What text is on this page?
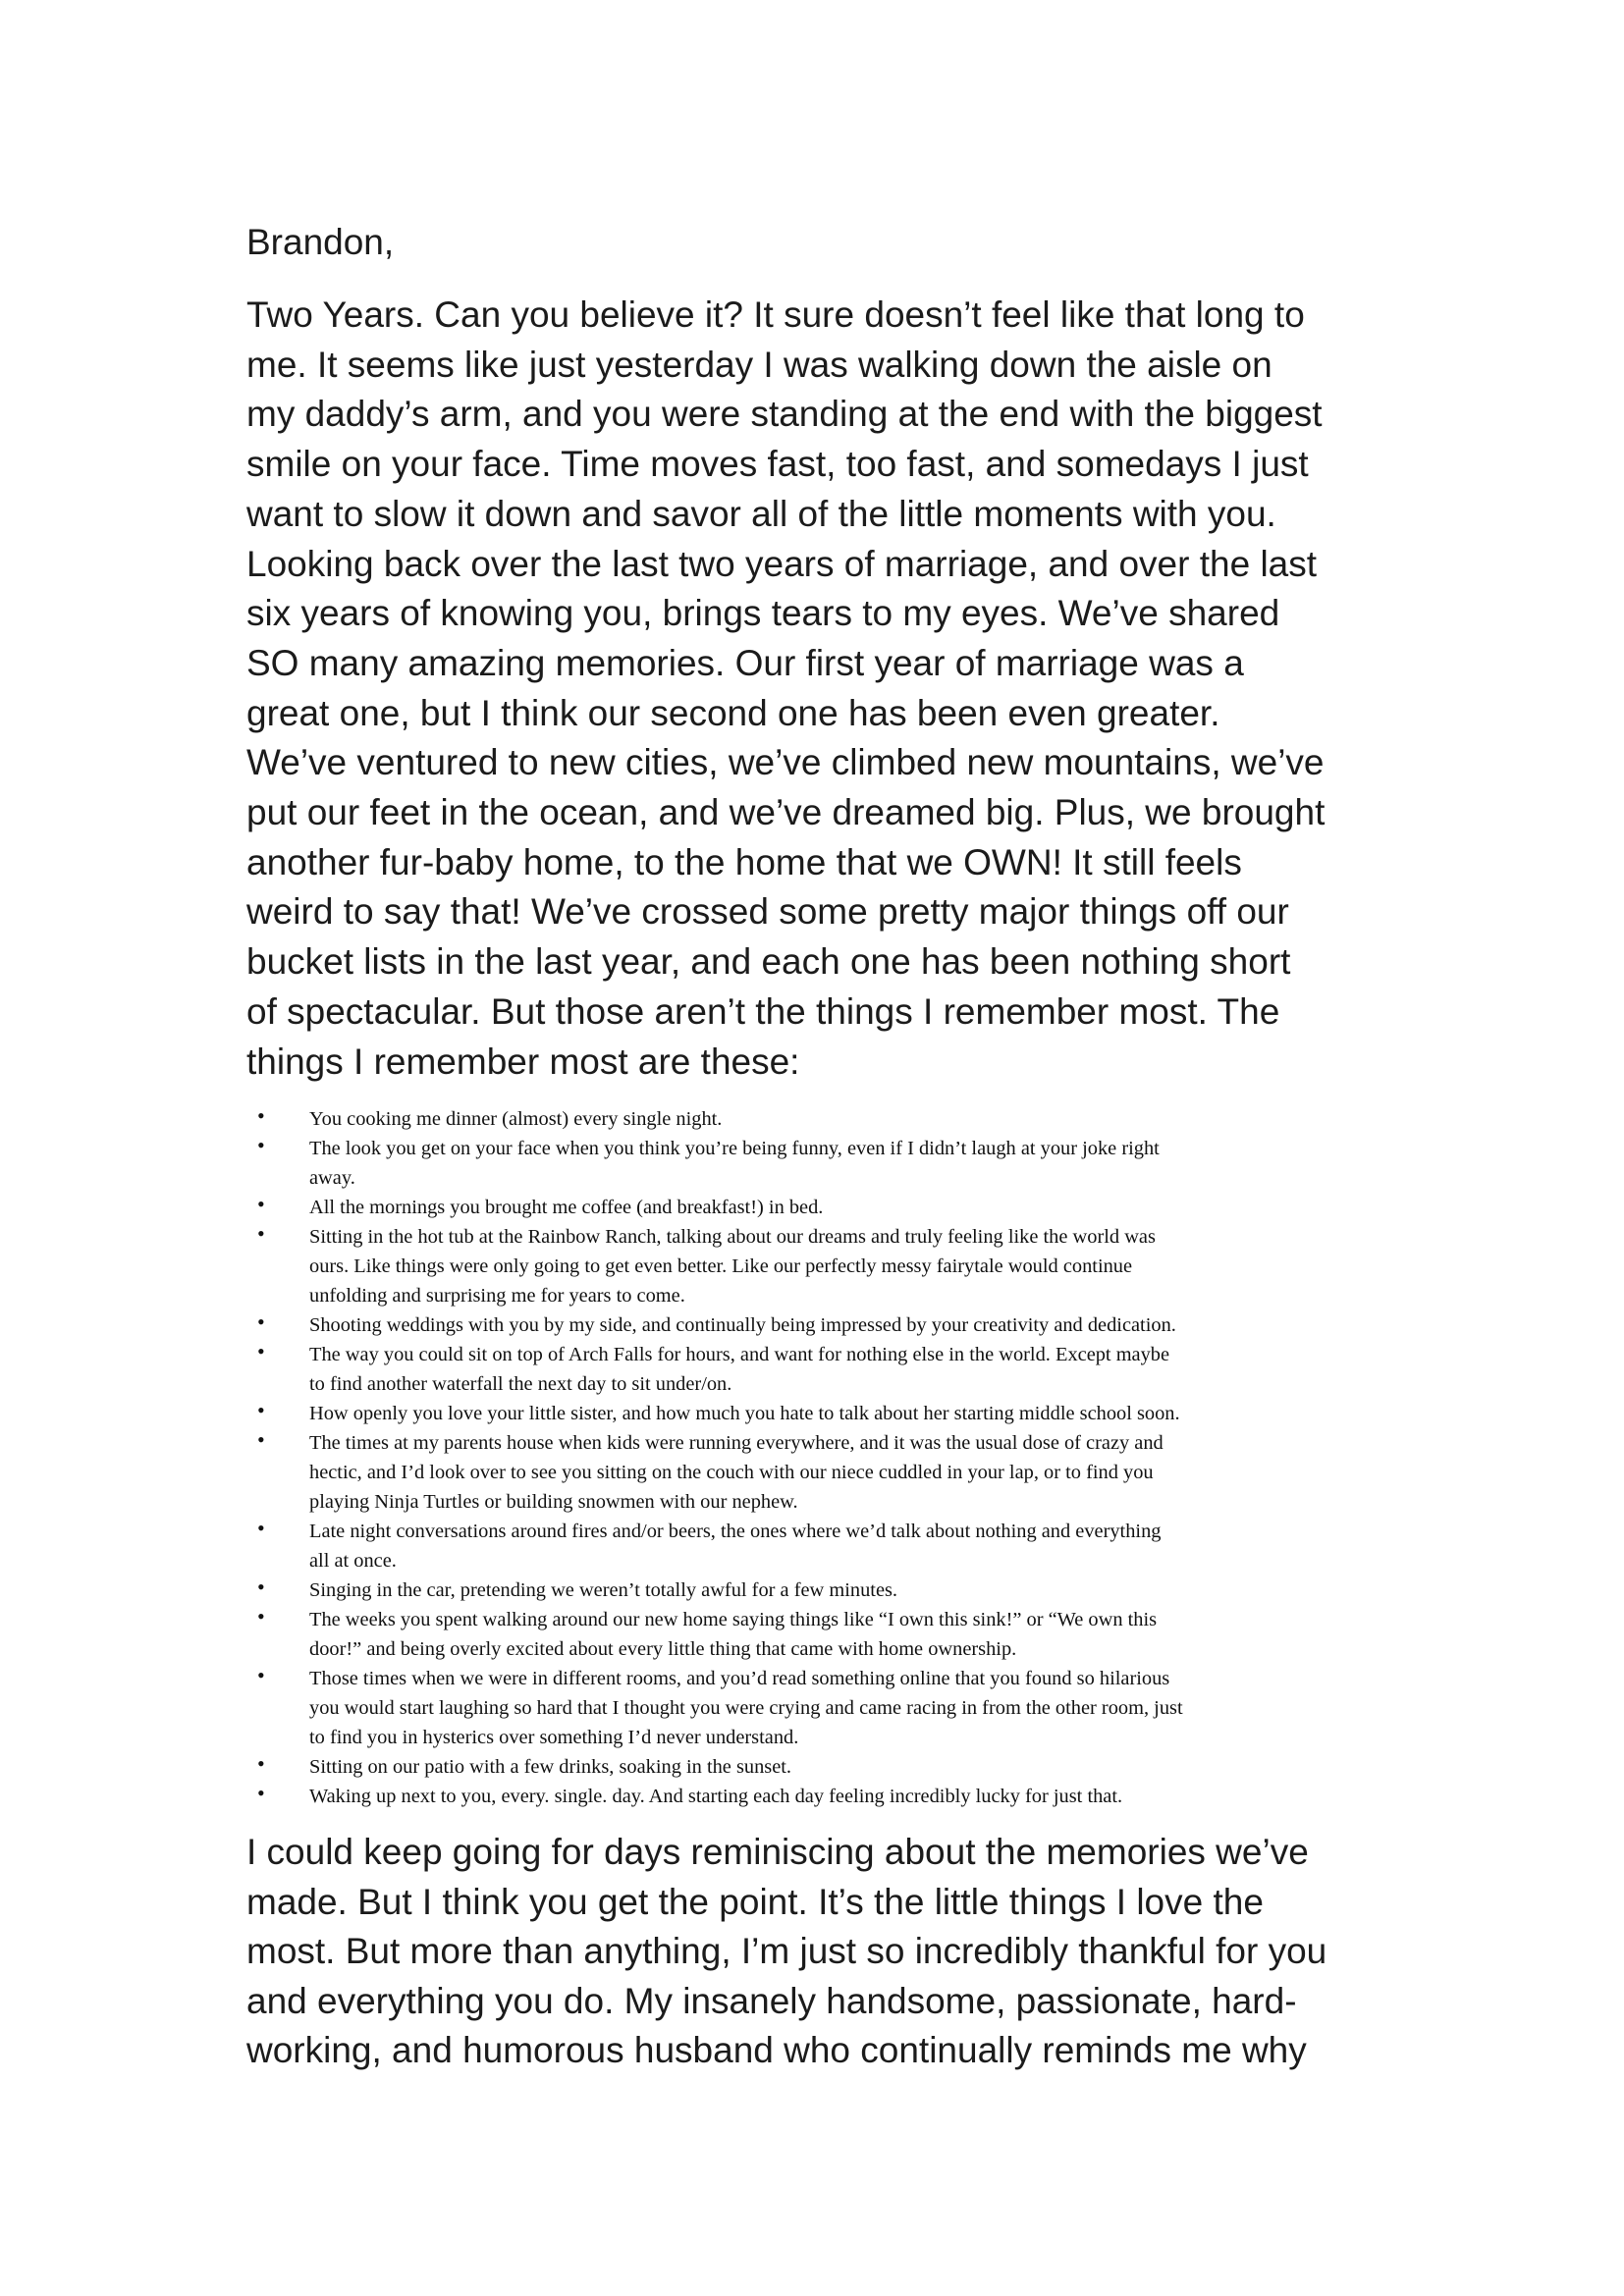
Brandon,

Two Years. Can you believe it? It sure doesn’t feel like that long to
me. It seems like just yesterday I was walking down the aisle on
my daddy’s arm, and you were standing at the end with the biggest
smile on your face. Time moves fast, too fast, and somedays I just
want to slow it down and savor all of the little moments with you.
Looking back over the last two years of marriage, and over the last
six years of knowing you, brings tears to my eyes. We’ve shared
SO many amazing memories. Our first year of marriage was a
great one, but I think our second one has been even greater.
We’ve ventured to new cities, we’ve climbed new mountains, we’ve
put our feet in the ocean, and we’ve dreamed big. Plus, we brought
another fur-baby home, to the home that we OWN! It still feels
weird to say that! We’ve crossed some pretty major things off our
bucket lists in the last year, and each one has been nothing short
of spectacular. But those aren’t the things I remember most. The
things I remember most are these:

• You cooking me dinner (almost) every single night.
• The look you get on your face when you think you’re being funny, even if I didn’t laugh at your joke right
away.
• All the mornings you brought me coffee (and breakfast!) in bed.
• Sitting in the hot tub at the Rainbow Ranch, talking about our dreams and truly feeling like the world was
ours. Like things were only going to get even better. Like our perfectly messy fairytale would continue
unfolding and surprising me for years to come.
• Shooting weddings with you by my side, and continually being impressed by your creativity and dedication.
• The way you could sit on top of Arch Falls for hours, and want for nothing else in the world. Except maybe
to find another waterfall the next day to sit under/on.
• How openly you love your little sister, and how much you hate to talk about her starting middle school soon.
• The times at my parents house when kids were running everywhere, and it was the usual dose of crazy and
hectic, and I’d look over to see you sitting on the couch with our niece cuddled in your lap, or to find you
playing Ninja Turtles or building snowmen with our nephew.
• Late night conversations around fires and/or beers, the ones where we’d talk about nothing and everything
all at once.
• Singing in the car, pretending we weren’t totally awful for a few minutes.
• The weeks you spent walking around our new home saying things like “I own this sink!” or “We own this
door!” and being overly excited about every little thing that came with home ownership.
• Those times when we were in different rooms, and you’d read something online that you found so hilarious
you would start laughing so hard that I thought you were crying and came racing in from the other room, just
to find you in hysterics over something I’d never understand.
• Sitting on our patio with a few drinks, soaking in the sunset.
• Waking up next to you, every. single. day. And starting each day feeling incredibly lucky for just that.

I could keep going for days reminiscing about the memories we’ve
made. But I think you get the point. It’s the little things I love the
most. But more than anything, I’m just so incredibly thankful for you
and everything you do. My insanely handsome, passionate, hard-
working, and humorous husband who continually reminds me why
